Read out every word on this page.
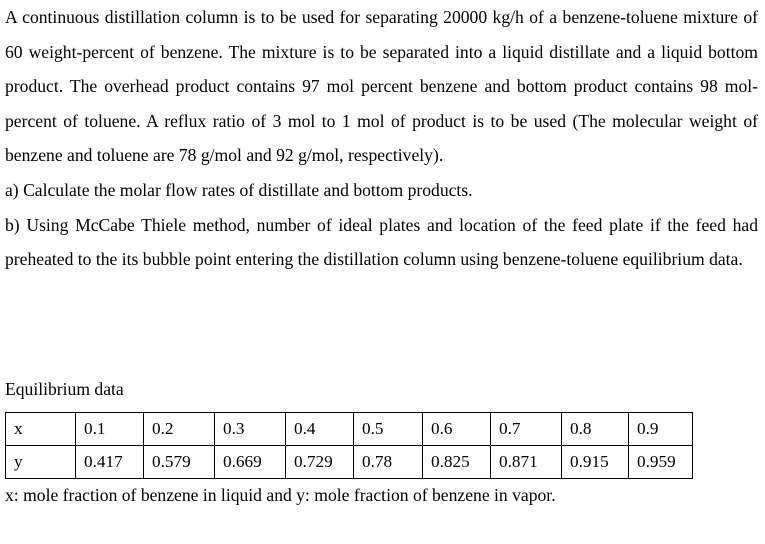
A continuous distillation column is to be used for separating 20000 kg/h of a benzene-toluene mixture of 60 weight-percent of benzene. The mixture is to be separated into a liquid distillate and a liquid bottom product. The overhead product contains 97 mol percent benzene and bottom product contains 98 mol-percent of toluene. A reflux ratio of 3 mol to 1 mol of product is to be used (The molecular weight of benzene and toluene are 78 g/mol and 92 g/mol, respectively).

a) Calculate the molar flow rates of distillate and bottom products.

b) Using McCabe Thiele method, number of ideal plates and location of the feed plate if the feed had preheated to the its bubble point entering the distillation column using benzene-toluene equilibrium data.

Equilibrium data

x	0.1	0.2	0.3	0.4	0.5	0.6	0.7	0.8	0.9
y	0.417	0.579	0.669	0.729	0.78	0.825	0.871	0.915	0.959

x: mole fraction of benzene in liquid and y: mole fraction of benzene in vapor.
